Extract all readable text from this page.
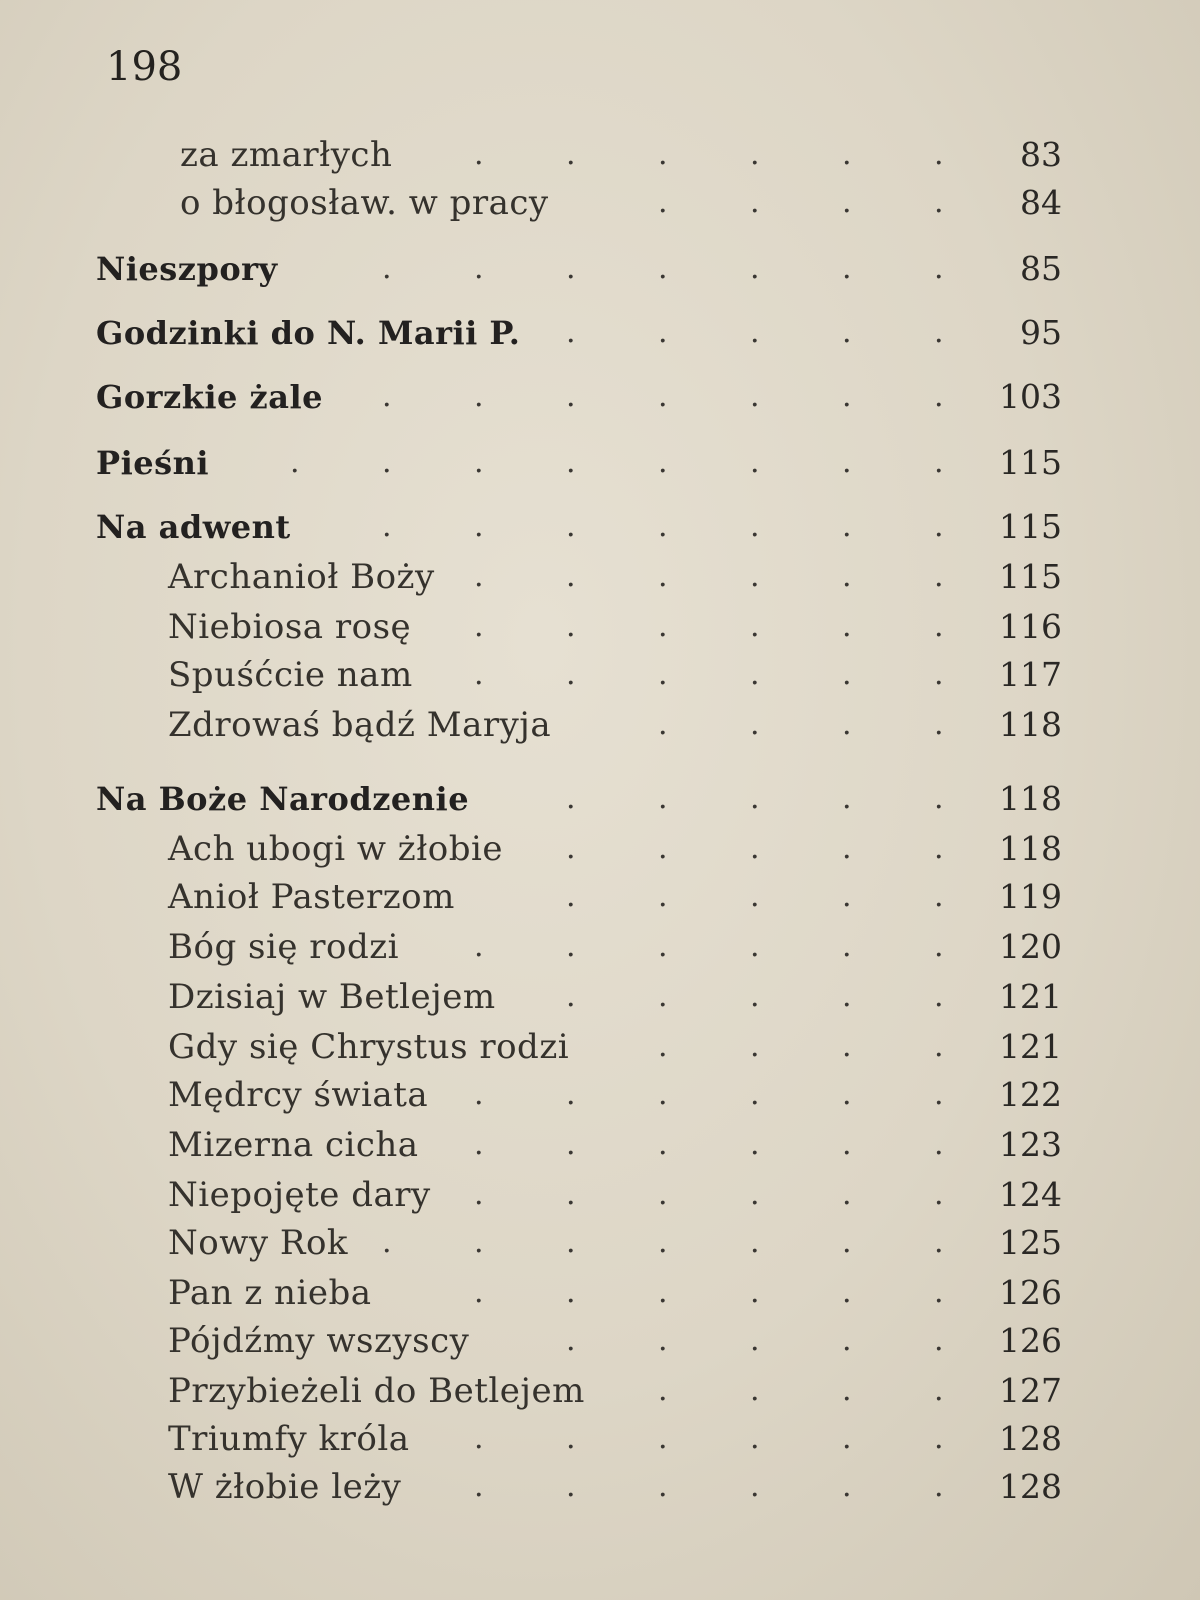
198
za zmarłych	83
.	.	.	.	.	.
o błogosław. w pracy	84
.	.	.	.
Nieszpory	85
.	.	.	.	.	.	.
Godzinki do N. Marii P.	95
.	.	.	.	.
Gorzkie żale	103
.	.	.	.	.	.	.
Pieśni	115
.	.	.	.	.	.	.	.
Na adwent	115
.	.	.	.	.	.	.
Archanioł Boży	115
.	.	.	.	.	.
Niebiosa rosę	116
.	.	.	.	.	.
Spuśćcie nam	117
.	.	.	.	.	.
Zdrowaś bądź Maryja	118
.	.	.	.
Na Boże Narodzenie	118
.	.	.	.	.
Ach ubogi w żłobie	118
.	.	.	.	.
Anioł Pasterzom	119
.	.	.	.	.
Bóg się rodzi	120
.	.	.	.	.	.
Dzisiaj w Betlejem	121
.	.	.	.	.
Gdy się Chrystus rodzi	121
.	.	.	.
Mędrcy świata	122
.	.	.	.	.	.
Mizerna cicha	123
.	.	.	.	.	.
Niepojęte dary	124
.	.	.	.	.	.
Nowy Rok	125
.	.	.	.	.	.	.
Pan z nieba	126
.	.	.	.	.	.
Pójdźmy wszyscy	126
.	.	.	.	.
Przybieżeli do Betlejem	127
.	.	.	.
Triumfy króla	128
.	.	.	.	.	.
W żłobie leży	128
.	.	.	.	.	.
